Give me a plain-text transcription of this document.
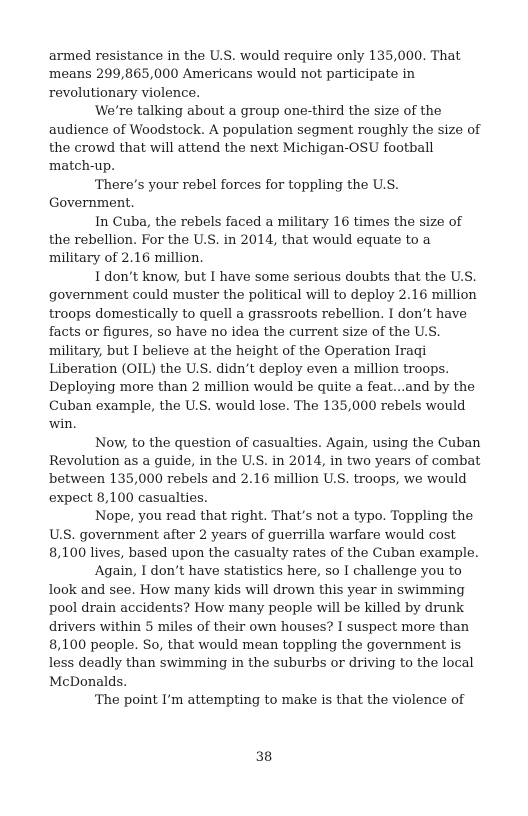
armed resistance in the U.S. would require only 135,000. That means 299,865,000 Americans would not participate in revolutionary violence.

We’re talking about a group one-third the size of the audience of Woodstock. A population segment roughly the size of the crowd that will attend the next Michigan-OSU football match-up.

There’s your rebel forces for toppling the U.S. Government.

In Cuba, the rebels faced a military 16 times the size of the rebellion. For the U.S. in 2014, that would equate to a military of 2.16 million.

I don’t know, but I have some serious doubts that the U.S. government could muster the political will to deploy 2.16 million troops domestically to quell a grassroots rebellion. I don’t have facts or figures, so have no idea the current size of the U.S. military, but I believe at the height of the Operation Iraqi Liberation (OIL) the U.S. didn’t deploy even a million troops. Deploying more than 2 million would be quite a feat...and by the Cuban example, the U.S. would lose. The 135,000 rebels would win.

Now, to the question of casualties. Again, using the Cuban Revolution as a guide, in the U.S. in 2014, in two years of combat between 135,000 rebels and 2.16 million U.S. troops, we would expect 8,100 casualties.

Nope, you read that right. That’s not a typo. Toppling the U.S. government after 2 years of guerrilla warfare would cost 8,100 lives, based upon the casualty rates of the Cuban example.

Again, I don’t have statistics here, so I challenge you to look and see. How many kids will drown this year in swimming pool drain accidents? How many people will be killed by drunk drivers within 5 miles of their own houses? I suspect more than 8,100 people. So, that would mean toppling the government is less deadly than swimming in the suburbs or driving to the local McDonalds.

The point I’m attempting to make is that the violence of

38
